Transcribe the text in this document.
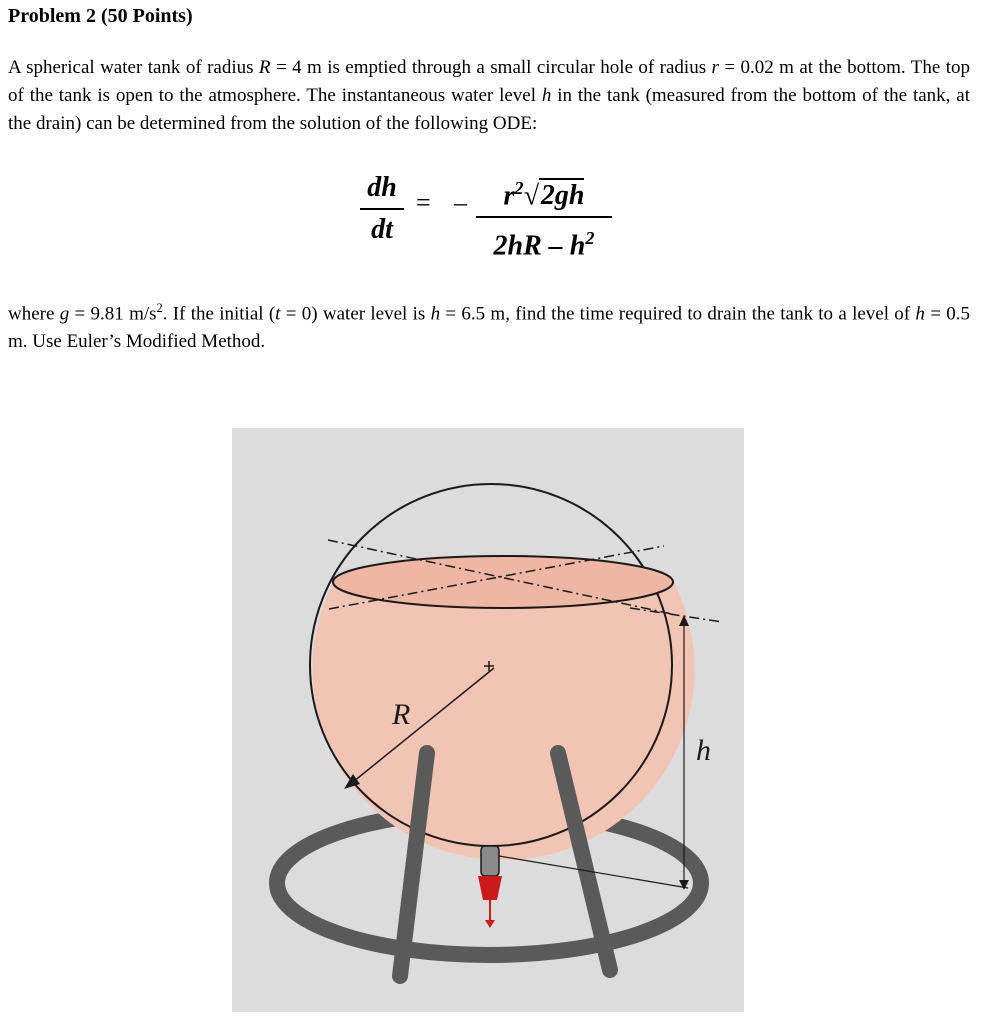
Problem 2 (50 Points)

A spherical water tank of radius R = 4 m is emptied through a small circular hole of radius r = 0.02 m at the bottom. The top of the tank is open to the atmosphere. The instantaneous water level h in the tank (measured from the bottom of the tank, at the drain) can be determined from the solution of the following ODE:

dh
dt
= – $r^2√2gh$
$2hR - h^2$

where g = 9.81 $m/s^2$. If the initial (t = 0) water level is h = 6.5 m, find the time required to drain the tank to a level of h = 0.5 m. Use Euler’s Modified Method.

R
h
